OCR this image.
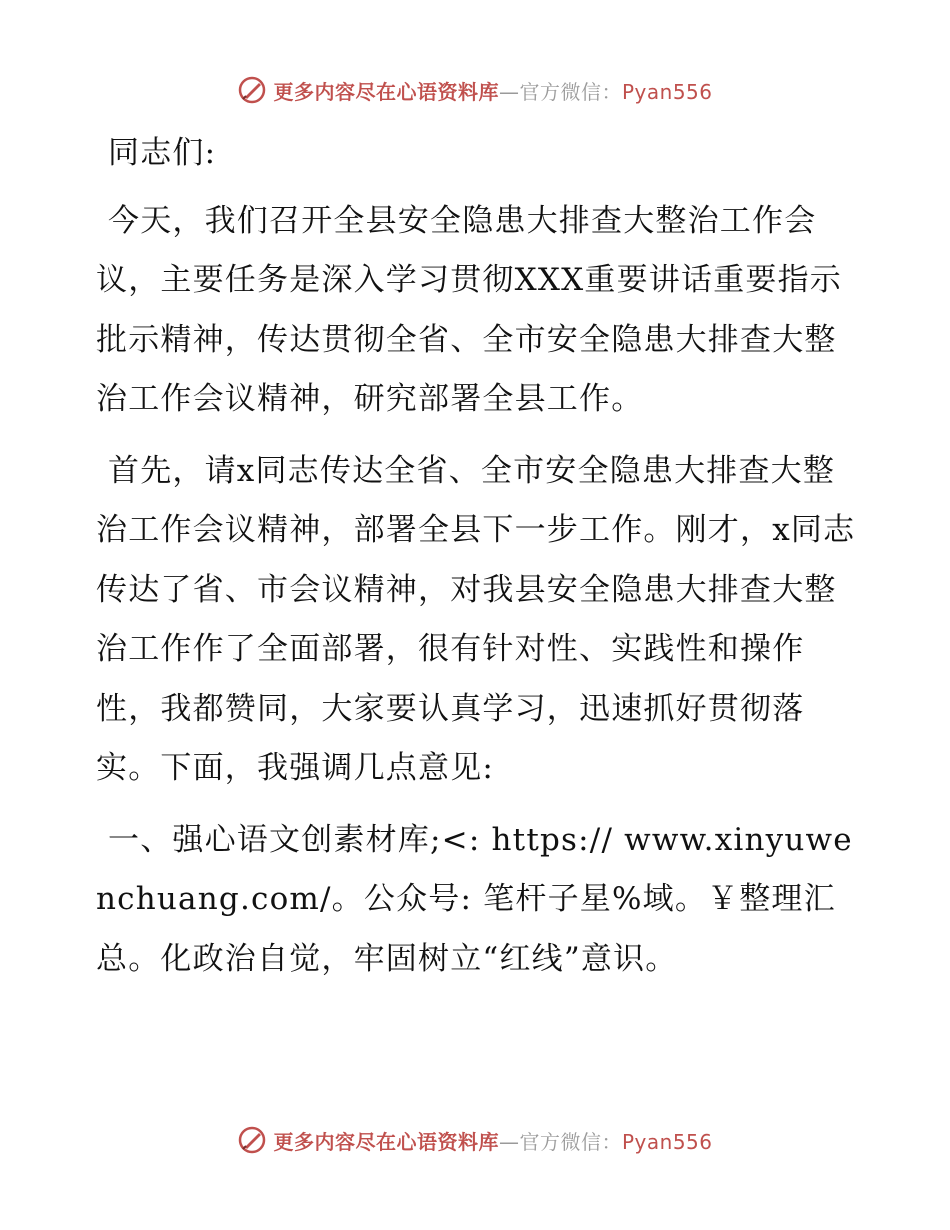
更多内容尽在心语资料库—官方微信：Pyan556

同志们:

今天，我们召开全县安全隐患大排查大整治工作会议，主要任务是深入学习贯彻XXX重要讲话重要指示批示精神，传达贯彻全省、全市安全隐患大排查大整治工作会议精神，研究部署全县工作。

首先，请x同志传达全省、全市安全隐患大排查大整治工作会议精神，部署全县下一步工作。刚才，x同志传达了省、市会议精神，对我县安全隐患大排查大整治工作作了全面部署，很有针对性、实践性和操作性，我都赞同，大家要认真学习，迅速抓好贯彻落实。下面，我强调几点意见:

一、强心语文创素材库;<: https:// www.xinyuwenchuang.com/。公众号: 笔杆子星%域。￥整理汇总。化政治自觉，牢固树立“红线”意识。

更多内容尽在心语资料库—官方微信：Pyan556
